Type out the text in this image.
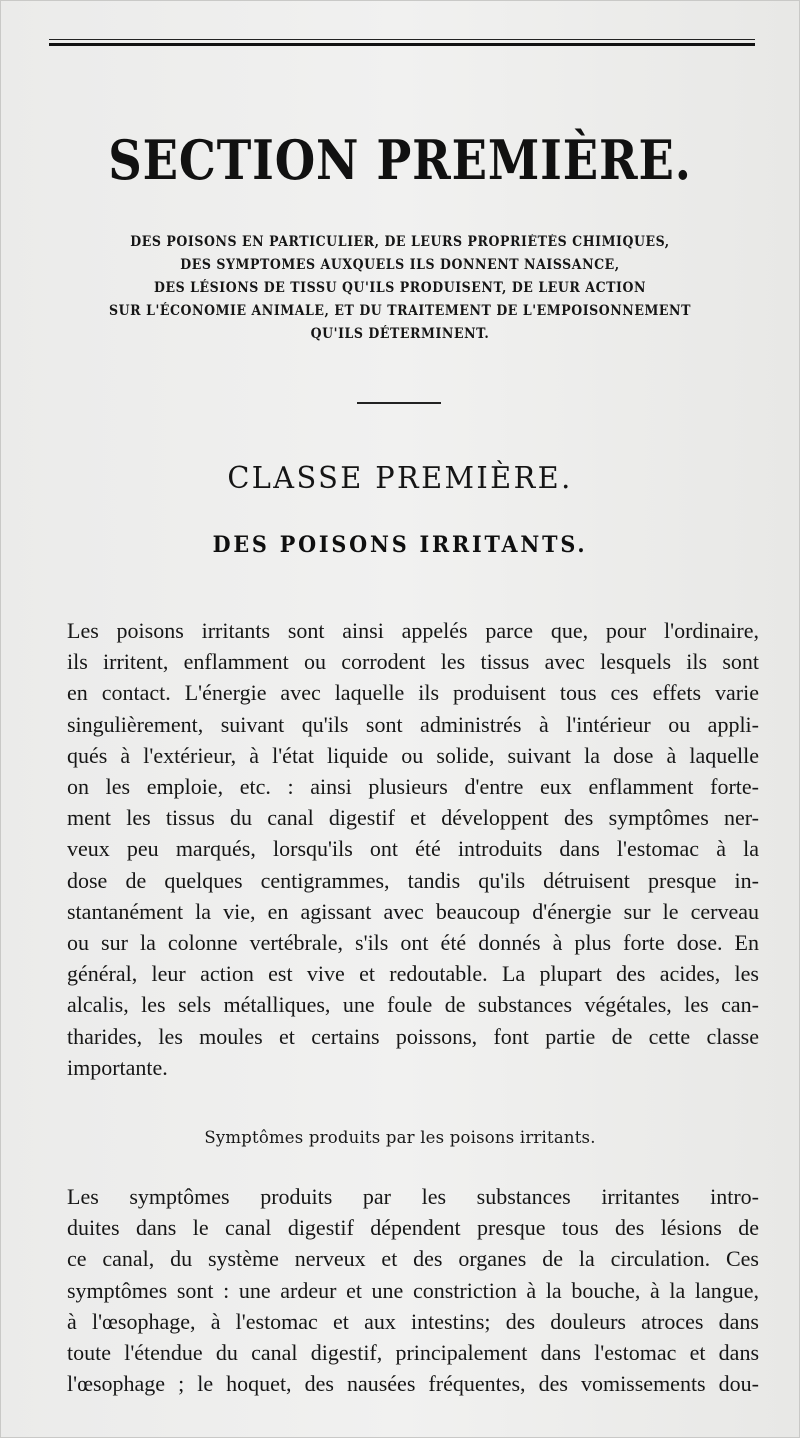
SECTION PREMIÈRE.
DES POISONS EN PARTICULIER, DE LEURS PROPRIÉTÉS CHIMIQUES,
DES SYMPTOMES AUXQUELS ILS DONNENT NAISSANCE,
DES LÉSIONS DE TISSU QU'ILS PRODUISENT, DE LEUR ACTION
SUR L'ÉCONOMIE ANIMALE, ET DU TRAITEMENT DE L'EMPOISONNEMENT
QU'ILS DÉTERMINENT.
CLASSE PREMIÈRE.
DES POISONS IRRITANTS.
Les poisons irritants sont ainsi appelés parce que, pour l'ordinaire,
ils irritent, enflamment ou corrodent les tissus avec lesquels ils sont
en contact. L'énergie avec laquelle ils produisent tous ces effets varie
singulièrement, suivant qu'ils sont administrés à l'intérieur ou appli-
qués à l'extérieur, à l'état liquide ou solide, suivant la dose à laquelle
on les emploie, etc. : ainsi plusieurs d'entre eux enflamment forte-
ment les tissus du canal digestif et développent des symptômes ner-
veux peu marqués, lorsqu'ils ont été introduits dans l'estomac à la
dose de quelques centigrammes, tandis qu'ils détruisent presque in-
stantanément la vie, en agissant avec beaucoup d'énergie sur le cerveau
ou sur la colonne vertébrale, s'ils ont été donnés à plus forte dose. En
général, leur action est vive et redoutable. La plupart des acides, les
alcalis, les sels métalliques, une foule de substances végétales, les can-
tharides, les moules et certains poissons, font partie de cette classe
importante.
Symptômes produits par les poisons irritants.
Les symptômes produits par les substances irritantes intro-
duites dans le canal digestif dépendent presque tous des lésions de
ce canal, du système nerveux et des organes de la circulation. Ces
symptômes sont : une ardeur et une constriction à la bouche, à la langue,
à l'œsophage, à l'estomac et aux intestins; des douleurs atroces dans
toute l'étendue du canal digestif, principalement dans l'estomac et dans
l'œsophage ; le hoquet, des nausées fréquentes, des vomissements dou-
